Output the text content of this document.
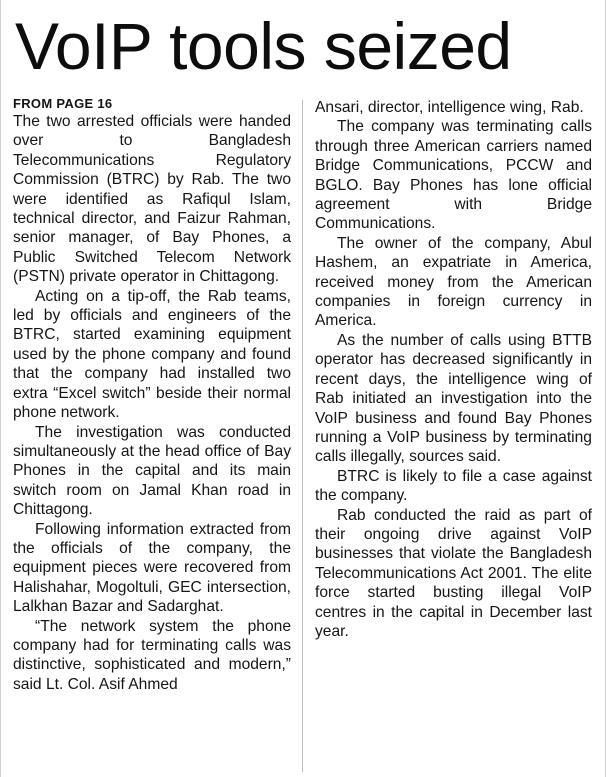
VoIP tools seized
FROM PAGE 16

The two arrested officials were handed over to Bangladesh Telecommunications Regulatory Commission (BTRC) by Rab. The two were identified as Rafiqul Islam, technical director, and Faizur Rahman, senior manager, of Bay Phones, a Public Switched Telecom Network (PSTN) private operator in Chittagong.

Acting on a tip-off, the Rab teams, led by officials and engineers of the BTRC, started examining equipment used by the phone company and found that the company had installed two extra “Excel switch” beside their normal phone network.

The investigation was conducted simultaneously at the head office of Bay Phones in the capital and its main switch room on Jamal Khan road in Chittagong.

Following information extracted from the officials of the company, the equipment pieces were recovered from Halishahar, Mogoltuli, GEC intersection, Lalkhan Bazar and Sadarghat.

“The network system the phone company had for terminating calls was distinctive, sophisticated and modern,” said Lt. Col. Asif Ahmed

Ansari, director, intelligence wing, Rab.

The company was terminating calls through three American carriers named Bridge Communications, PCCW and BGLO. Bay Phones has lone official agreement with Bridge Communications.

The owner of the company, Abul Hashem, an expatriate in America, received money from the American companies in foreign currency in America.

As the number of calls using BTTB operator has decreased significantly in recent days, the intelligence wing of Rab initiated an investigation into the VoIP business and found Bay Phones running a VoIP business by terminating calls illegally, sources said.

BTRC is likely to file a case against the company.

Rab conducted the raid as part of their ongoing drive against VoIP businesses that violate the Bangladesh Telecommunications Act 2001. The elite force started busting illegal VoIP centres in the capital in December last year.
